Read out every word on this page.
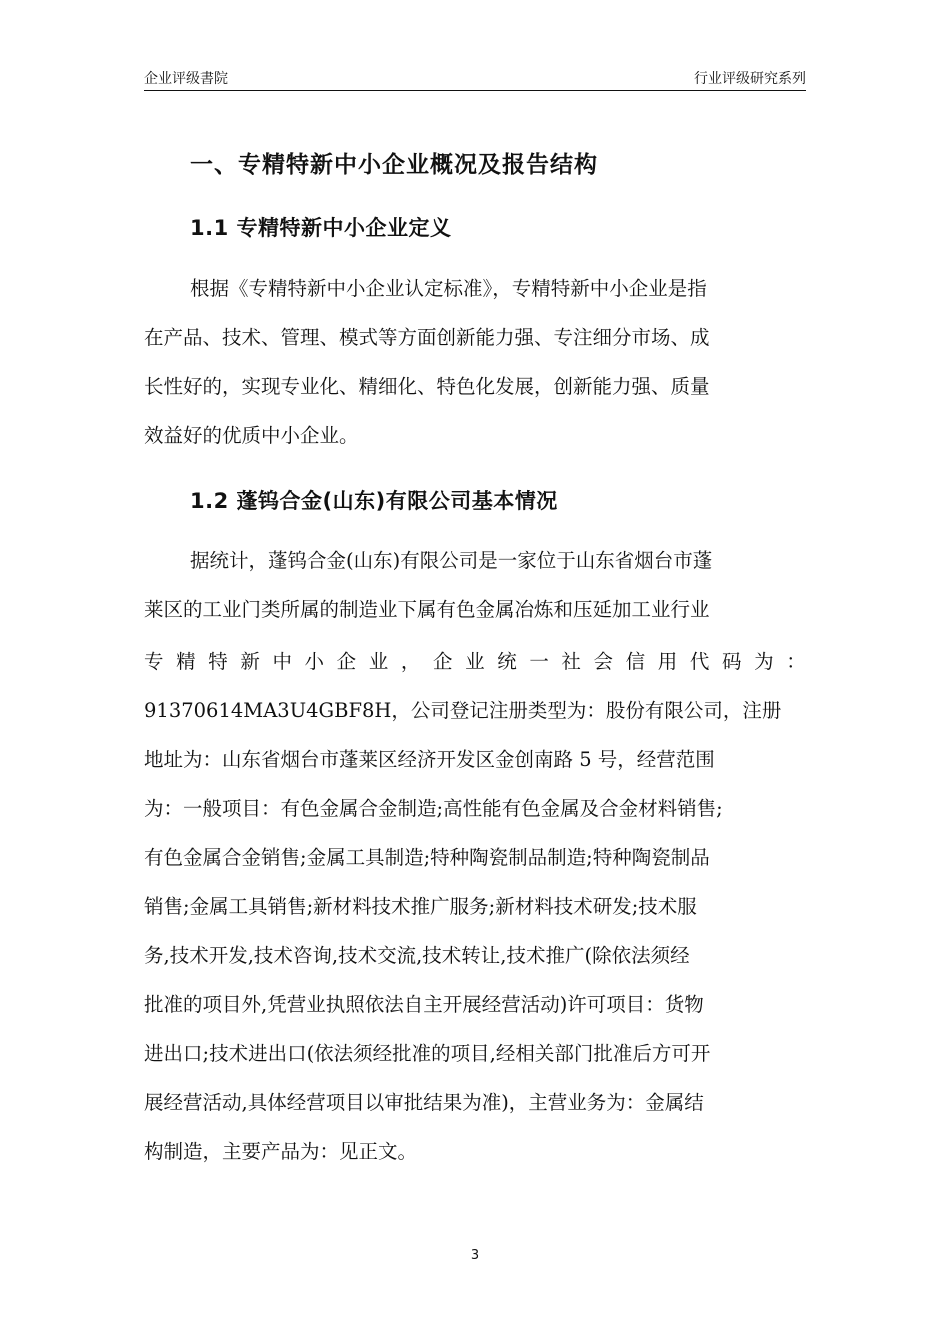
企业评级書院	行业评级研究系列
一、专精特新中小企业概况及报告结构
1.1 专精特新中小企业定义
根据《专精特新中小企业认定标准》，专精特新中小企业是指
在产品、技术、管理、模式等方面创新能力强、专注细分市场、成
长性好的，实现专业化、精细化、特色化发展，创新能力强、质量
效益好的优质中小企业。
1.2 蓬钨合金(山东)有限公司基本情况
据统计，蓬钨合金(山东)有限公司是一家位于山东省烟台市蓬
莱区的工业门类所属的制造业下属有色金属冶炼和压延加工业行业
专 精 特 新 中 小 企 业 ， 企 业 统 一 社 会 信 用 代 码 为 ：
91370614MA3U4GBF8H，公司登记注册类型为：股份有限公司，注册
地址为：山东省烟台市蓬莱区经济开发区金创南路 5 号，经营范围
为：一般项目：有色金属合金制造;高性能有色金属及合金材料销售;
有色金属合金销售;金属工具制造;特种陶瓷制品制造;特种陶瓷制品
销售;金属工具销售;新材料技术推广服务;新材料技术研发;技术服
务,技术开发,技术咨询,技术交流,技术转让,技术推广(除依法须经
批准的项目外,凭营业执照依法自主开展经营活动)许可项目：货物
进出口;技术进出口(依法须经批准的项目,经相关部门批准后方可开
展经营活动,具体经营项目以审批结果为准)，主营业务为：金属结
构制造，主要产品为：见正文。
3
